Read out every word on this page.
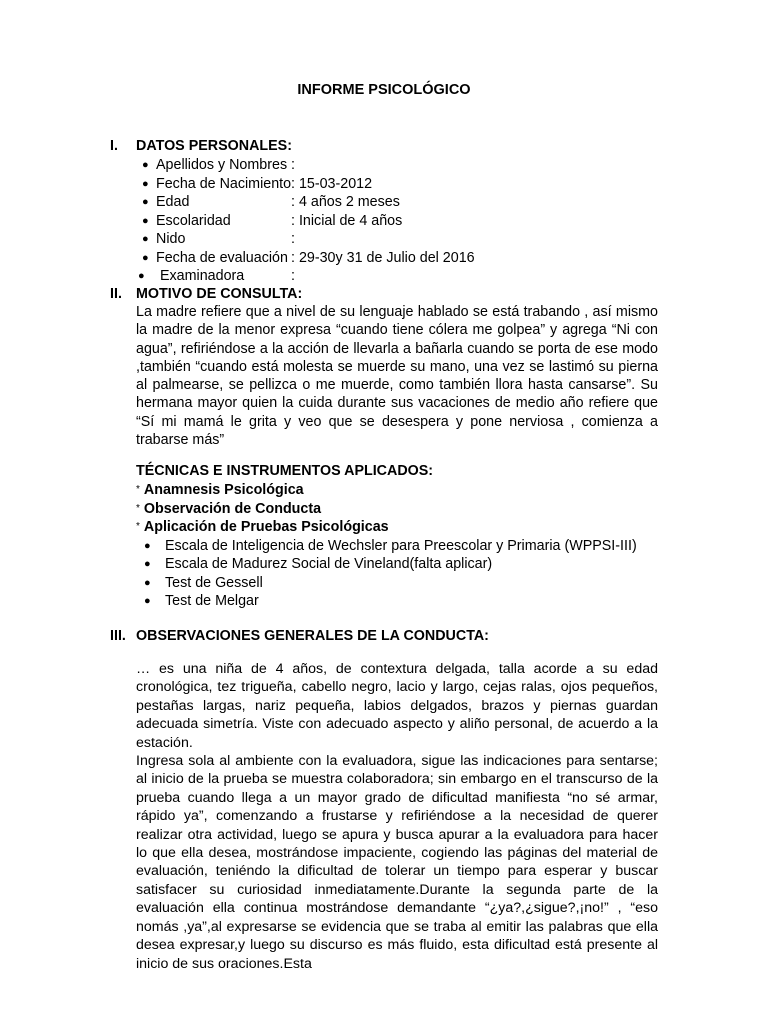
INFORME PSICOLÓGICO
I. DATOS PERSONALES:
● Apellidos y Nombres :
● Fecha de Nacimiento : 15-03-2012
● Edad	: 4 años 2 meses
● Escolaridad	: Inicial de 4 años
● Nido	:
● Fecha de evaluación : 29-30y 31 de Julio del 2016
● Examinadora	:
II. MOTIVO DE CONSULTA:
La madre refiere que a nivel de su lenguaje hablado se está trabando , así mismo la madre de la menor expresa “cuando tiene cólera me golpea” y agrega “Ni con agua”, refiriéndose a la acción de llevarla a bañarla cuando se porta de ese modo ,también “cuando está molesta se muerde su mano, una vez se lastimó su pierna al palmearse, se pellizca o me muerde, como también llora hasta cansarse”. Su hermana mayor quien la cuida durante sus vacaciones de medio año refiere que “Sí mi mamá le grita y veo que se desespera y pone nerviosa , comienza a trabarse más”
TÉCNICAS E INSTRUMENTOS APLICADOS:
* Anamnesis Psicológica
* Observación de Conducta
* Aplicación de Pruebas Psicológicas
● Escala de Inteligencia de Wechsler para Preescolar y Primaria (WPPSI-III)
● Escala de Madurez Social de Vineland(falta aplicar)
● Test de Gessell
● Test de Melgar
III. OBSERVACIONES GENERALES DE LA CONDUCTA:

… es una niña de 4 años, de contextura delgada, talla acorde a su edad cronológica, tez trigueña, cabello negro, lacio y largo, cejas ralas, ojos pequeños, pestañas largas, nariz pequeña, labios delgados, brazos y piernas guardan adecuada simetría. Viste con adecuado aspecto y aliño personal, de acuerdo a la estación.

Ingresa sola al ambiente con la evaluadora, sigue las indicaciones para sentarse; al inicio de la prueba se muestra colaboradora; sin embargo en el transcurso de la prueba cuando llega a un mayor grado de dificultad manifiesta “no sé armar, rápido ya”, comenzando a frustarse y refiriéndose a la necesidad de querer realizar otra actividad, luego se apura y busca apurar a la evaluadora para hacer lo que ella desea, mostrándose impaciente, cogiendo las páginas del material de evaluación, teniéndo la dificultad de tolerar un tiempo para esperar y buscar satisfacer su curiosidad inmediatamente.Durante la segunda parte de la evaluación ella continua mostrándose demandante “¿ya?,¿sigue?,¡no!” , “eso nomás ,ya”,al expresarse se evidencia que se traba al emitir las palabras que ella desea expresar,y luego su discurso es más fluido, esta dificultad está presente al inicio de sus oraciones.Esta
